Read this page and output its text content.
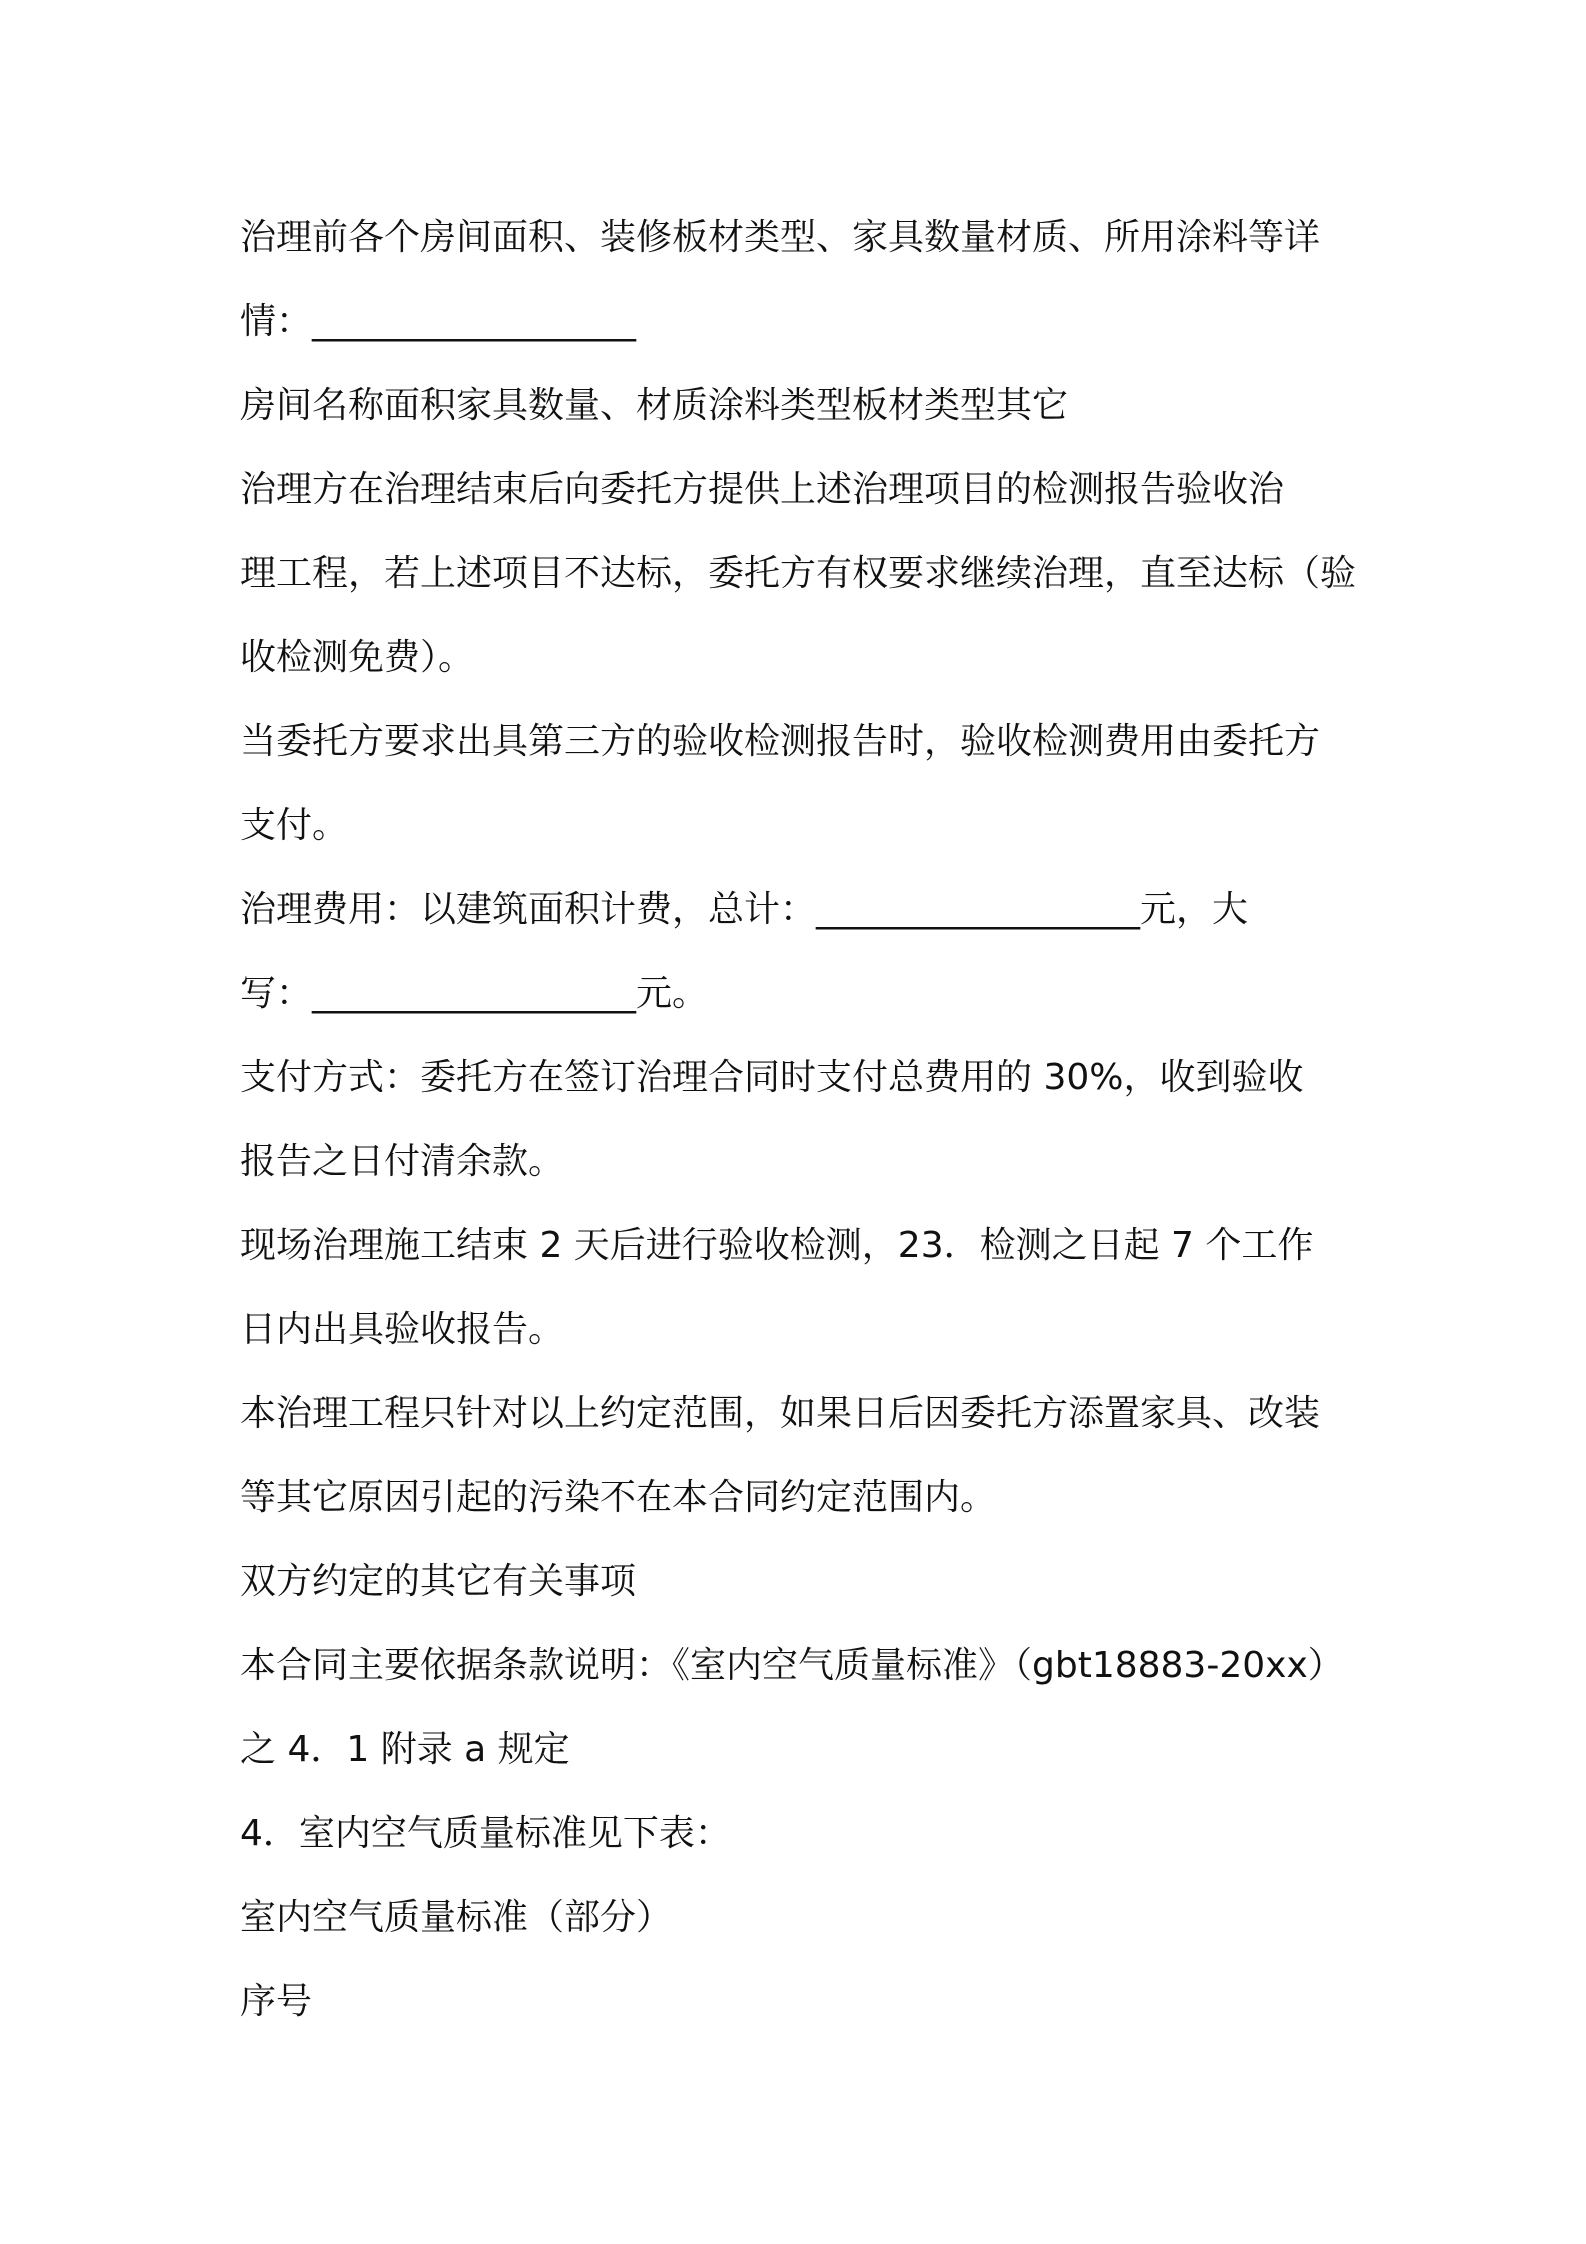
治理前各个房间面积、装修板材类型、家具数量材质、所用涂料等详
情：__________________
房间名称面积家具数量、材质涂料类型板材类型其它
治理方在治理结束后向委托方提供上述治理项目的检测报告验收治
理工程，若上述项目不达标，委托方有权要求继续治理，直至达标（验
收检测免费）。
当委托方要求出具第三方的验收检测报告时，验收检测费用由委托方
支付。
治理费用：以建筑面积计费，总计：__________________元，大
写：__________________元。
支付方式：委托方在签订治理合同时支付总费用的 30%，收到验收
报告之日付清余款。
现场治理施工结束 2 天后进行验收检测，23．检测之日起 7 个工作
日内出具验收报告。
本治理工程只针对以上约定范围，如果日后因委托方添置家具、改装
等其它原因引起的污染不在本合同约定范围内。
双方约定的其它有关事项
本合同主要依据条款说明：《室内空气质量标准》（gbt18883-20xx）
之 4．1 附录 a 规定
4．室内空气质量标准见下表：
室内空气质量标准（部分）
序号
